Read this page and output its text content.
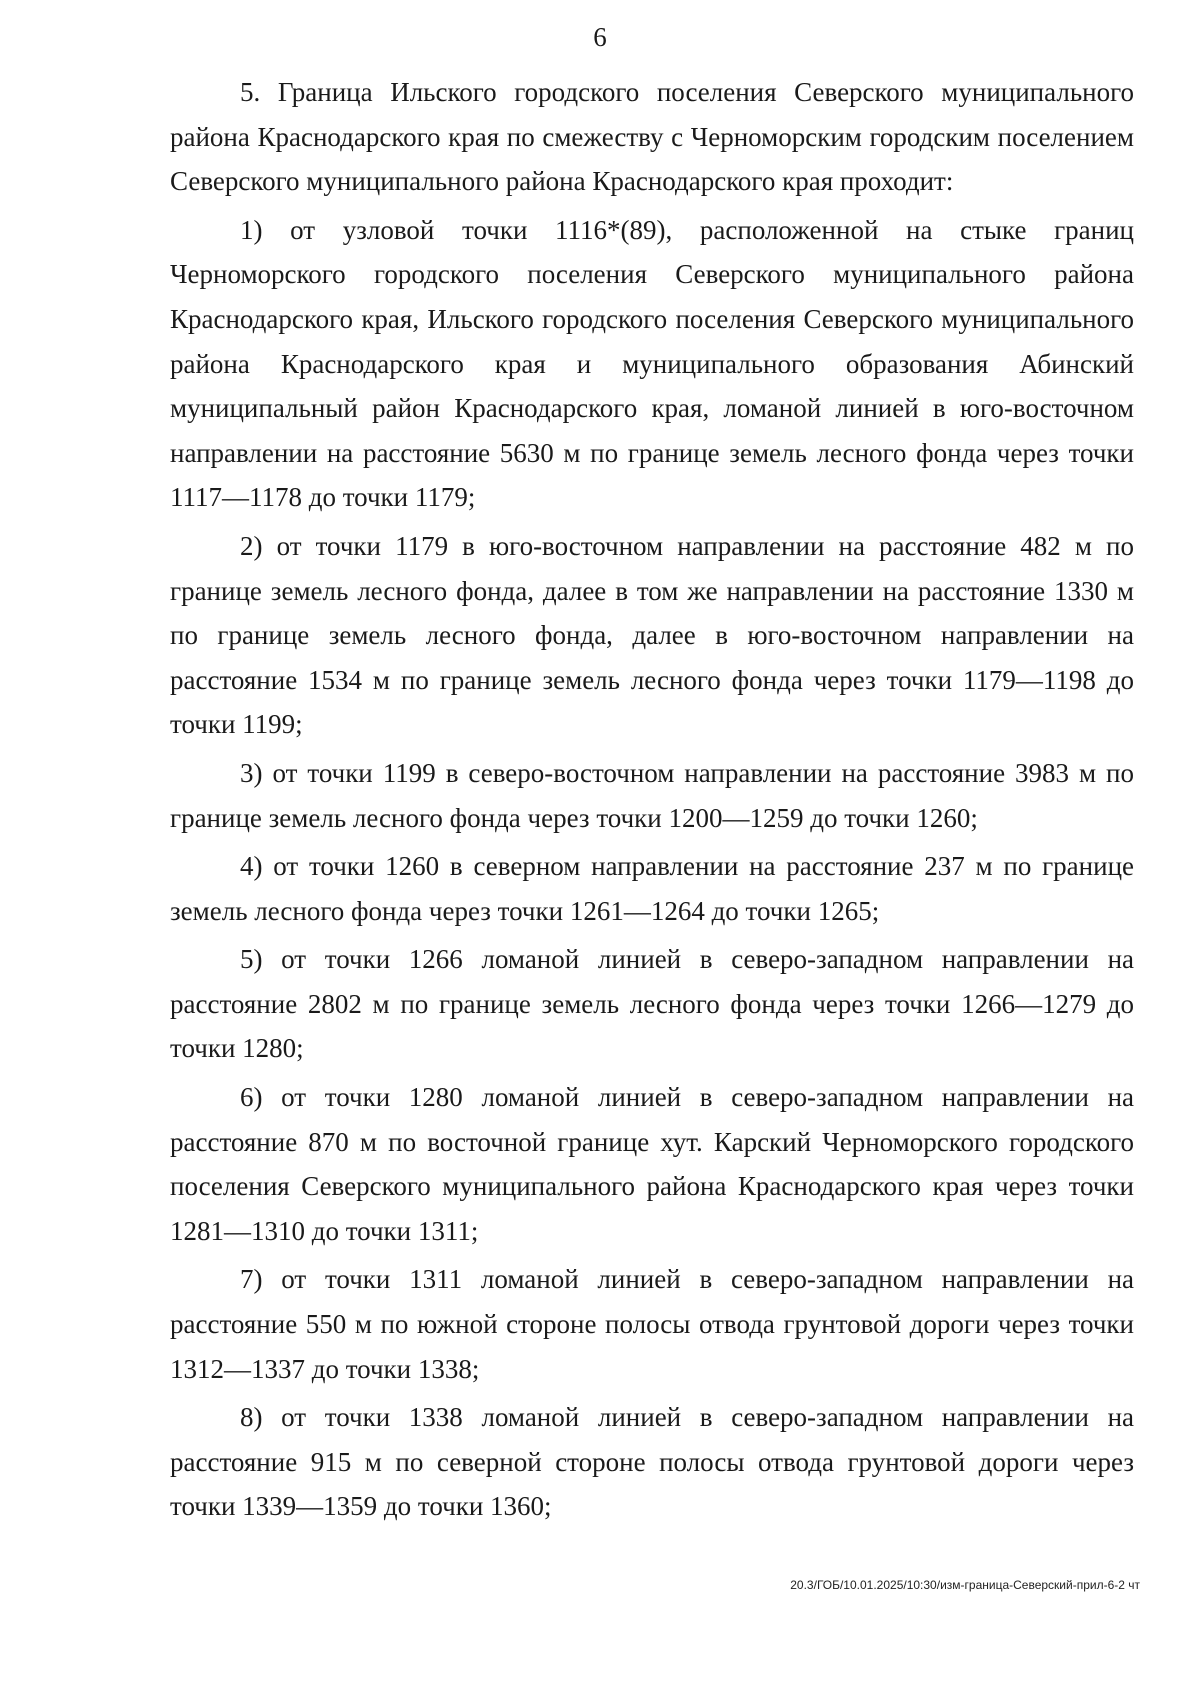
6

5. Граница Ильского городского поселения Северского муниципального района Краснодарского края по смежеству с Черноморским городским поселением Северского муниципального района Краснодарского края проходит:

1) от узловой точки 1116*(89), расположенной на стыке границ Черноморского городского поселения Северского муниципального района Краснодарского края, Ильского городского поселения Северского муниципального района Краснодарского края и муниципального образования Абинский муниципальный район Краснодарского края, ломаной линией в юго-восточном направлении на расстояние 5630 м по границе земель лесного фонда через точки 1117—1178 до точки 1179;

2) от точки 1179 в юго-восточном направлении на расстояние 482 м по границе земель лесного фонда, далее в том же направлении на расстояние 1330 м по границе земель лесного фонда, далее в юго-восточном направлении на расстояние 1534 м по границе земель лесного фонда через точки 1179—1198 до точки 1199;

3) от точки 1199 в северо-восточном направлении на расстояние 3983 м по границе земель лесного фонда через точки 1200—1259 до точки 1260;

4) от точки 1260 в северном направлении на расстояние 237 м по границе земель лесного фонда через точки 1261—1264 до точки 1265;

5) от точки 1266 ломаной линией в северо-западном направлении на расстояние 2802 м по границе земель лесного фонда через точки 1266—1279 до точки 1280;

6) от точки 1280 ломаной линией в северо-западном направлении на расстояние 870 м по восточной границе хут. Карский Черноморского городского поселения Северского муниципального района Краснодарского края через точки 1281—1310 до точки 1311;

7) от точки 1311 ломаной линией в северо-западном направлении на расстояние 550 м по южной стороне полосы отвода грунтовой дороги через точки 1312—1337 до точки 1338;

8) от точки 1338 ломаной линией в северо-западном направлении на расстояние 915 м по северной стороне полосы отвода грунтовой дороги через точки 1339—1359 до точки 1360;

20.3/ГОБ/10.01.2025/10:30/изм-граница-Северский-прил-6-2 чт
